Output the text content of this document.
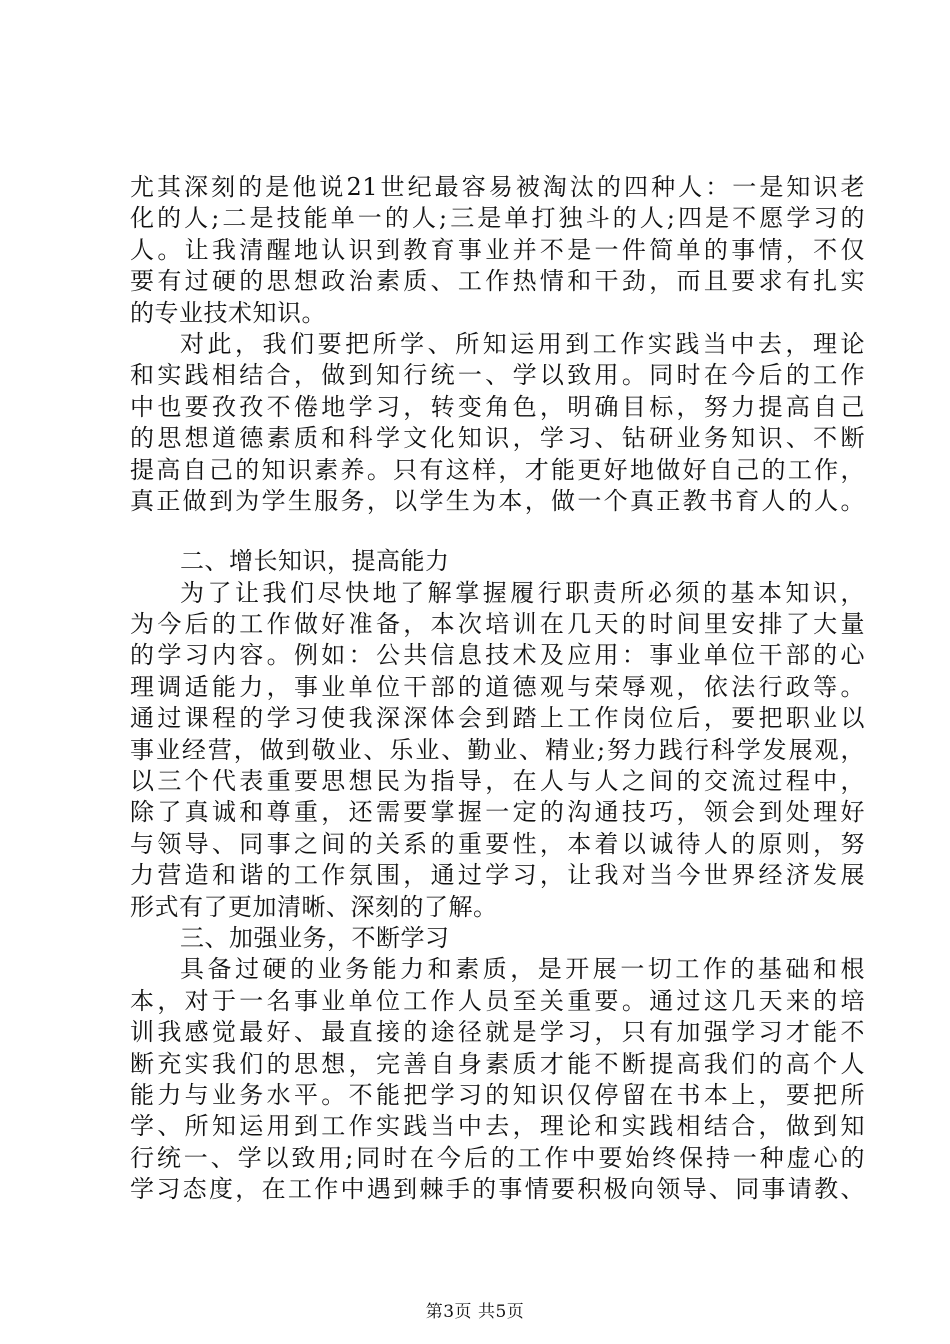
尤其深刻的是他说21世纪最容易被淘汰的四种人：一是知识老
化的人;二是技能单一的人;三是单打独斗的人;四是不愿学习的
人。让我清醒地认识到教育事业并不是一件简单的事情，不仅
要有过硬的思想政治素质、工作热情和干劲，而且要求有扎实
的专业技术知识。
对此，我们要把所学、所知运用到工作实践当中去，理论
和实践相结合，做到知行统一、学以致用。同时在今后的工作
中也要孜孜不倦地学习，转变角色，明确目标，努力提高自己
的思想道德素质和科学文化知识，学习、钻研业务知识、不断
提高自己的知识素养。只有这样，才能更好地做好自己的工作，
真正做到为学生服务，以学生为本，做一个真正教书育人的人。
二、增长知识，提高能力
为了让我们尽快地了解掌握履行职责所必须的基本知识，
为今后的工作做好准备，本次培训在几天的时间里安排了大量
的学习内容。例如：公共信息技术及应用：事业单位干部的心
理调适能力，事业单位干部的道德观与荣辱观，依法行政等。
通过课程的学习使我深深体会到踏上工作岗位后，要把职业以
事业经营，做到敬业、乐业、勤业、精业;努力践行科学发展观，
以三个代表重要思想民为指导，在人与人之间的交流过程中，
除了真诚和尊重，还需要掌握一定的沟通技巧，领会到处理好
与领导、同事之间的关系的重要性，本着以诚待人的原则，努
力营造和谐的工作氛围，通过学习，让我对当今世界经济发展
形式有了更加清晰、深刻的了解。
三、加强业务，不断学习
具备过硬的业务能力和素质，是开展一切工作的基础和根
本，对于一名事业单位工作人员至关重要。通过这几天来的培
训我感觉最好、最直接的途径就是学习，只有加强学习才能不
断充实我们的思想，完善自身素质才能不断提高我们的高个人
能力与业务水平。不能把学习的知识仅停留在书本上，要把所
学、所知运用到工作实践当中去，理论和实践相结合，做到知
行统一、学以致用;同时在今后的工作中要始终保持一种虚心的
学习态度，在工作中遇到棘手的事情要积极向领导、同事请教、
第3页 共5页
